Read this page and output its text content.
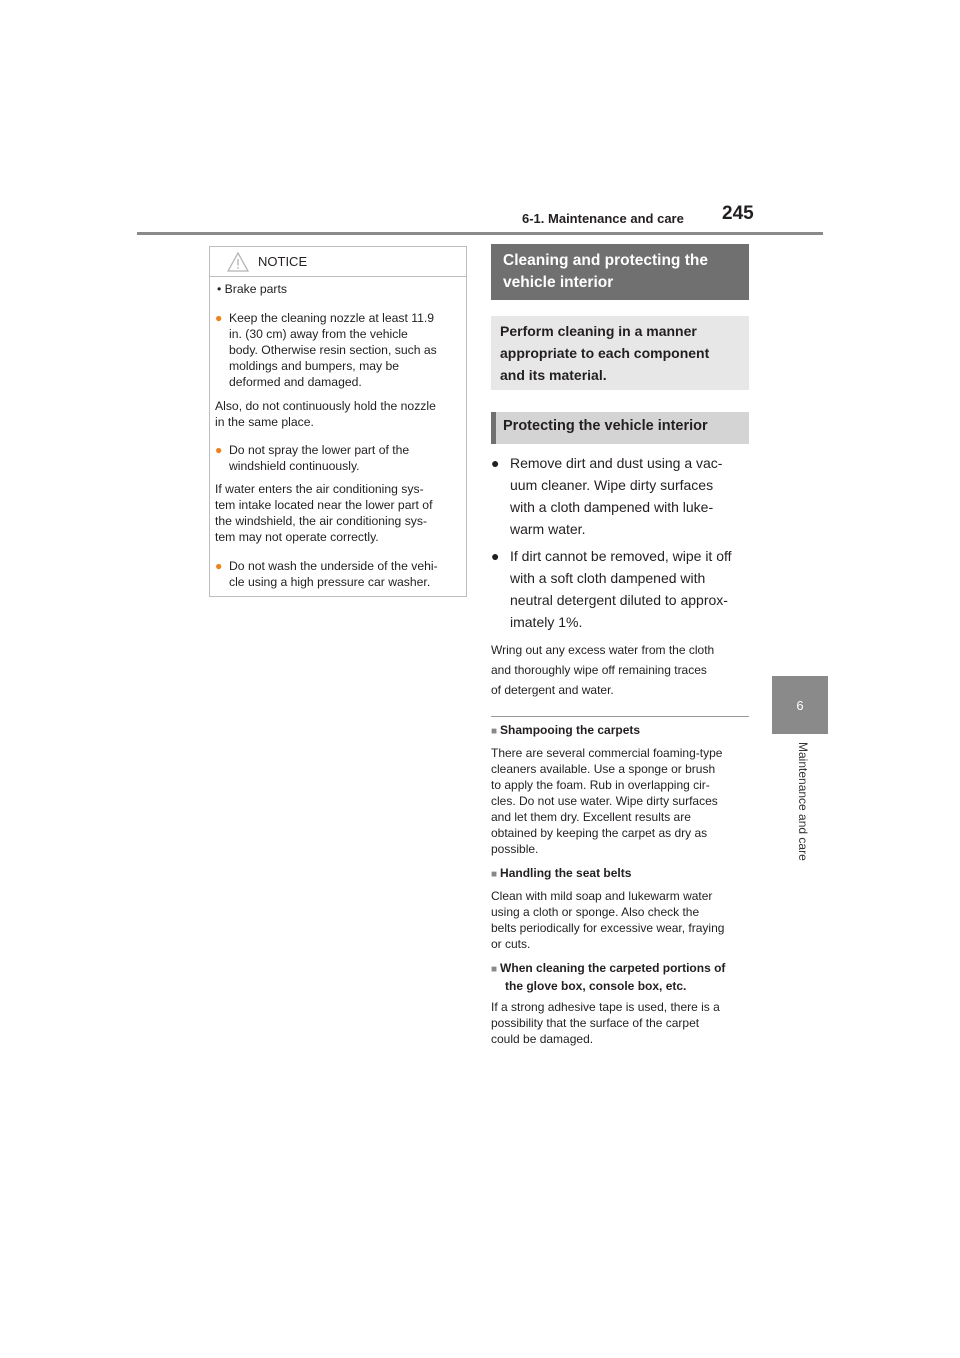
6-1. Maintenance and care 245
6
Maintenance and care
NOTICE
• Brake parts
● Keep the cleaning nozzle at least 11.9
in. (30 cm) away from the vehicle
body. Otherwise resin section, such as
moldings and bumpers, may be
deformed and damaged.
Also, do not continuously hold the nozzle
in the same place.
● Do not spray the lower part of the
windshield continuously.
If water enters the air conditioning sys-
tem intake located near the lower part of
the windshield, the air conditioning sys-
tem may not operate correctly.
● Do not wash the underside of the vehi-
cle using a high pressure car washer.
Cleaning and protecting the
vehicle interior
Perform cleaning in a manner
appropriate to each component
and its material.
Protecting the vehicle interior
● Remove dirt and dust using a vac-
uum cleaner. Wipe dirty surfaces
with a cloth dampened with luke-
warm water.
● If dirt cannot be removed, wipe it off
with a soft cloth dampened with
neutral detergent diluted to approx-
imately 1%.
Wring out any excess water from the cloth
and thoroughly wipe off remaining traces
of detergent and water.
■ Shampooing the carpets
There are several commercial foaming-type
cleaners available. Use a sponge or brush
to apply the foam. Rub in overlapping cir-
cles. Do not use water. Wipe dirty surfaces
and let them dry. Excellent results are
obtained by keeping the carpet as dry as
possible.
■ Handling the seat belts
Clean with mild soap and lukewarm water
using a cloth or sponge. Also check the
belts periodically for excessive wear, fraying
or cuts.
■ When cleaning the carpeted portions of
the glove box, console box, etc.
If a strong adhesive tape is used, there is a
possibility that the surface of the carpet
could be damaged.
